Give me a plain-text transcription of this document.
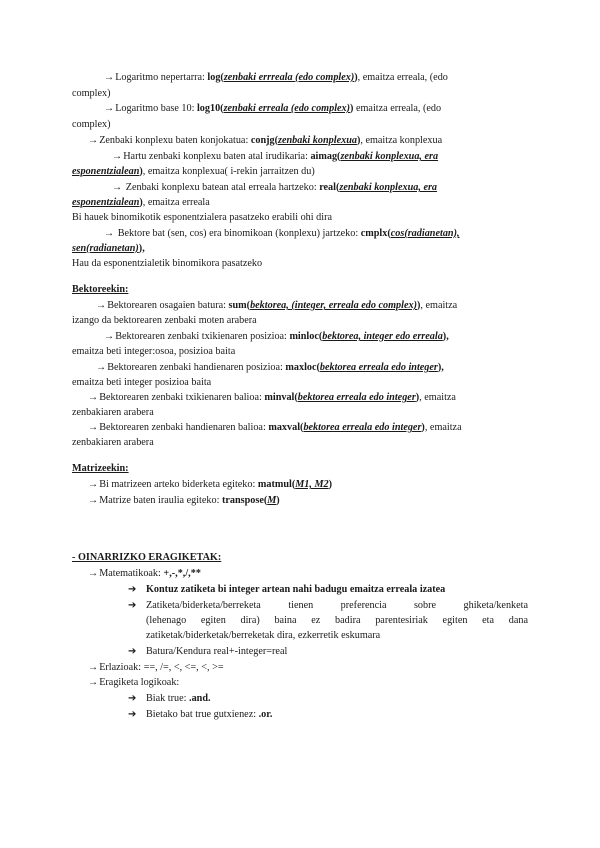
→Logaritmo nepertarra: log(zenbaki errreala (edo complex)), emaitza erreala, (edo
complex)
→Logaritmo base 10: log10(zenbaki erreala (edo complex)) emaitza erreala, (edo
complex)
→Zenbaki konplexu baten konjokatua: conjg(zenbaki konplexua), emaitza konplexua
→Hartu zenbaki konplexu baten atal irudikaria: aimag(zenbaki konplexua, era
esponentzialean), emaitza konplexua( i-rekin jarraitzen du)
→ Zenbaki konplexu batean atal erreala hartzeko: real(zenbaki konplexua, era
esponentzialean), emaitza erreala
Bi hauek binomikotik esponentzialera pasatzeko erabili ohi dira
→ Bektore bat (sen, cos) era binomikoan (konplexu) jartzeko: cmplx(cos(radianetan),
sen(radianetan)),
Hau da esponentzialetik binomikora pasatzeko
Bektoreekin:
→Bektorearen osagaien batura: sum(bektorea, (integer, erreala edo complex)), emaitza
izango da bektorearen zenbaki moten arabera
→Bektorearen zenbaki txikienaren posizioa: minloc(bektorea, integer edo erreala),
emaitza beti integer:osoa, posizioa baita
→Bektorearen zenbaki handienaren posizioa: maxloc(bektorea erreala edo integer),
emaitza beti integer posizioa baita
→Bektorearen zenbaki txikienaren balioa: minval(bektorea erreala edo integer), emaitza
zenbakiaren arabera
→Bektorearen zenbaki handienaren balioa: maxval(bektorea erreala edo integer), emaitza
zenbakiaren arabera
Matrizeekin:
→Bi matrizeen arteko biderketa egiteko: matmul(M1, M2)
→Matrize baten iraulia egiteko: transpose(M)
- OINARRIZKO ERAGIKETAK:
→Matematikoak: +,-,*,/,**
➔ Kontuz zatiketa bi integer artean nahi badugu emaitza erreala izatea
➔ Zatiketa/biderketa/berreketa tienen preferencia sobre ghiketa/kenketa
(lehenago egiten dira) baina ez badira parentesiriak egiten eta dana
zatiketak/biderketak/berreketak dira, ezkerretik eskumara
➔ Batura/Kendura real+-integer=real
→Erlazioak: ==, /=, <, <=, <, >=
→Eragiketa logikoak:
➔ Biak true: .and.
➔ Bietako bat true gutxienez: .or.
